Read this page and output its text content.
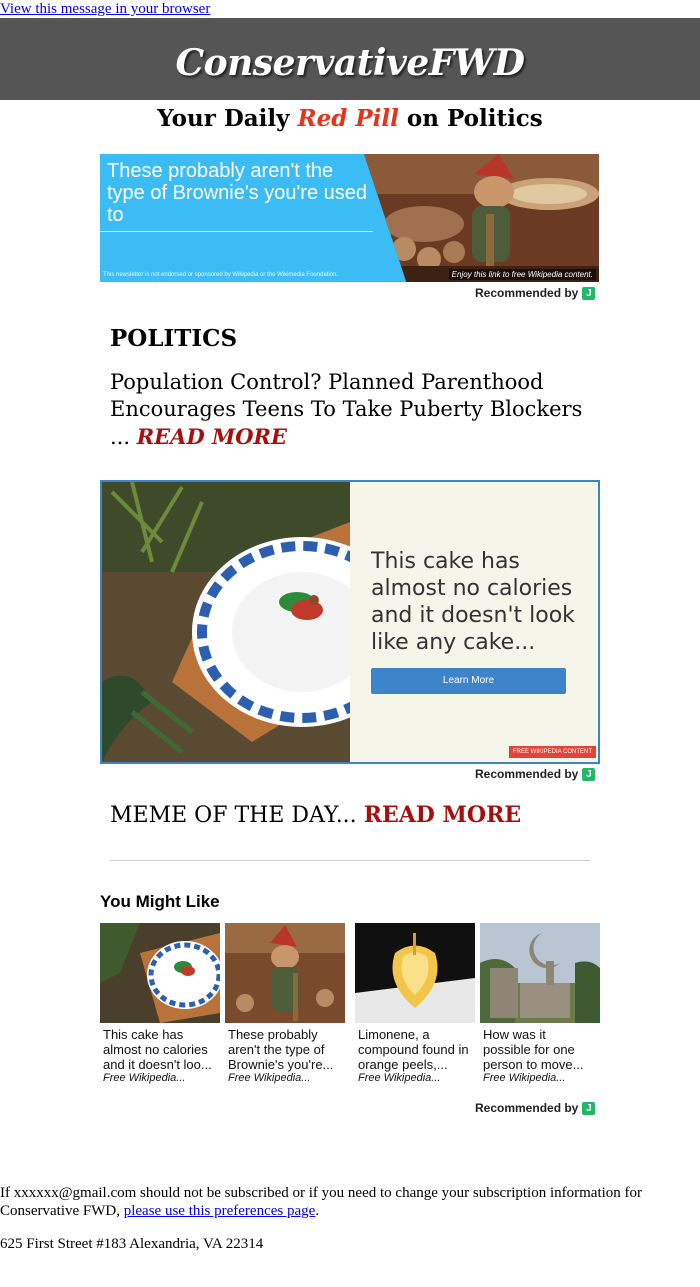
View this message in your browser
ConservativeFWD
Your Daily Red Pill on Politics
These probably aren't the type of Brownie's you're used to
This newsletter is not endorsed or sponsored by Wikipedia or the Wikimedia Foundation.	Enjoy this link to free Wikipedia content.
Recommended by J
POLITICS
Population Control? Planned Parenthood Encourages Teens To Take Puberty Blockers
... READ MORE
This cake has almost no calories and it doesn't look like any cake...
Learn More
FREE WIKIPEDIA CONTENT
Recommended by J
MEME OF THE DAY... READ MORE
You Might Like
This cake has almost no calories and it doesn't loo...
Free Wikipedia...
These probably aren't the type of Brownie's you're...
Free Wikipedia...
Limonene, a compound found in orange peels,...
Free Wikipedia...
How was it possible for one person to move...
Free Wikipedia...
Recommended by J
If xxxxxx@gmail.com should not be subscribed or if you need to change your subscription information for Conservative FWD, please use this preferences page.
625 First Street #183 Alexandria, VA 22314
